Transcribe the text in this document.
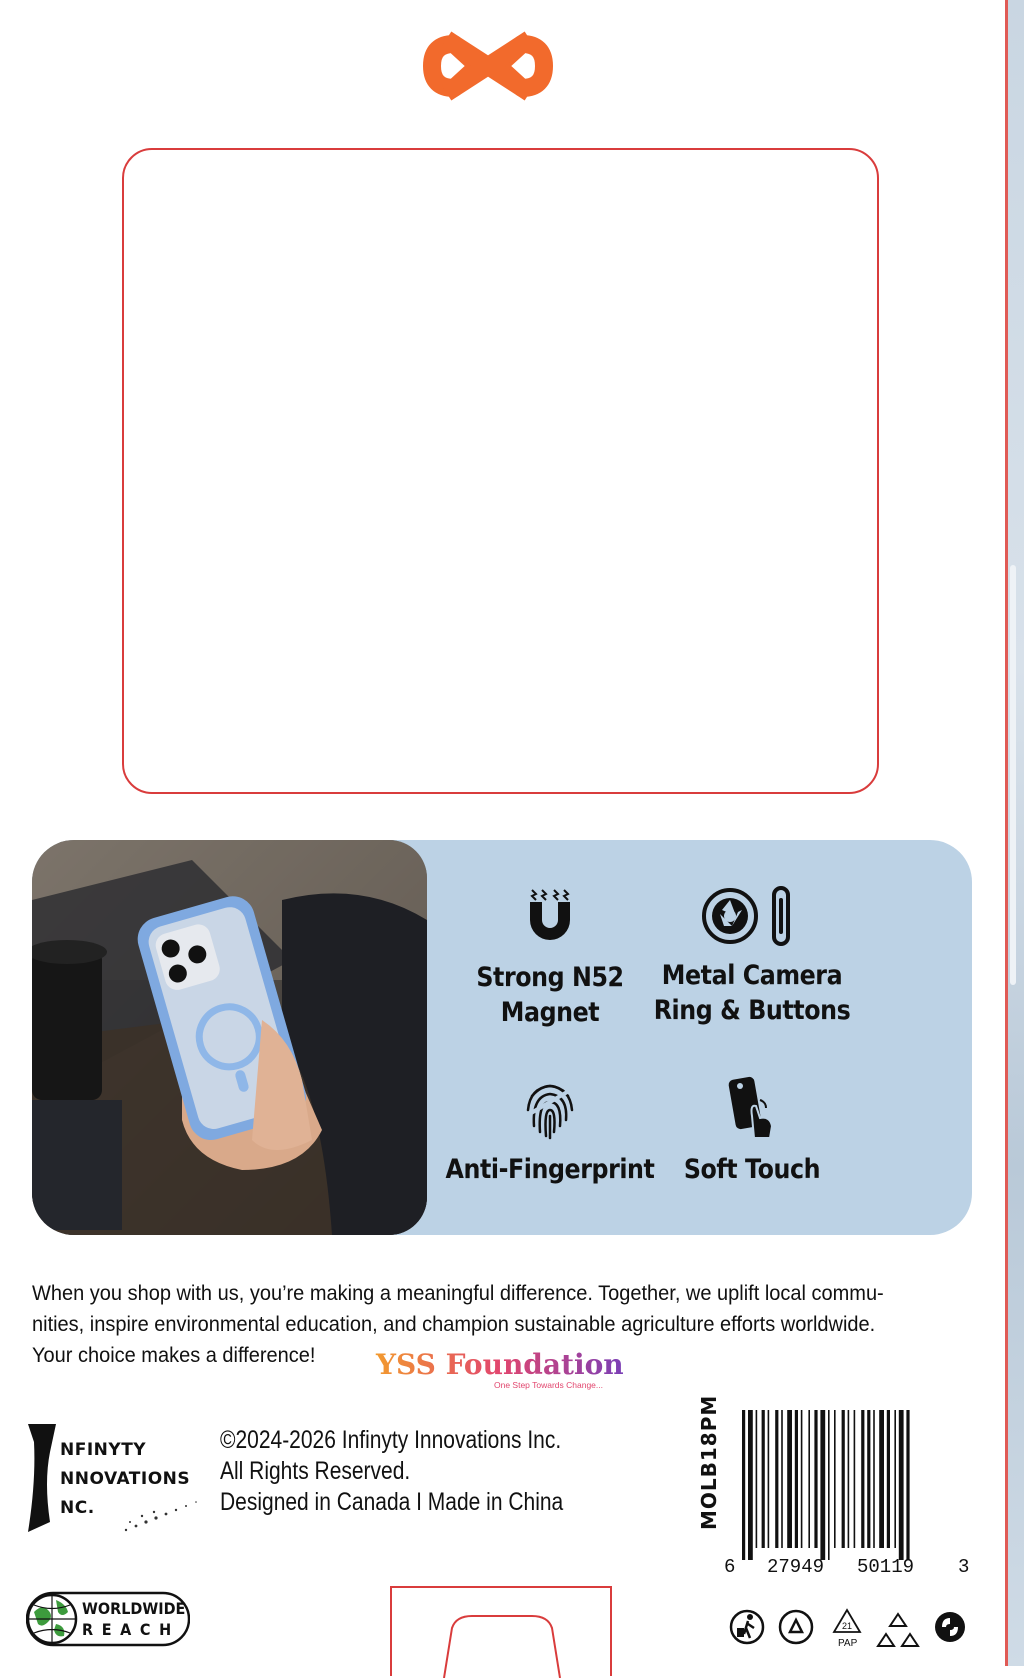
Strong N52
Magnet
Metal Camera
Ring & Buttons
Anti-Fingerprint Soft Touch
When you shop with us, you’re making a meaningful difference. Together, we uplift local commu-
nities, inspire environmental education, and champion sustainable agriculture efforts worldwide.
Your choice makes a difference!	YSS Foundation
One Step Towards Change...
NFINYTY
NNOVATIONS
NC.
©2024-2026 Infinyty Innovations Inc.
All Rights Reserved.
Designed in Canada I Made in China	MOLB18PM
6 27949 50119 3
WORLDWIDE
R E A C H	21
PAP
